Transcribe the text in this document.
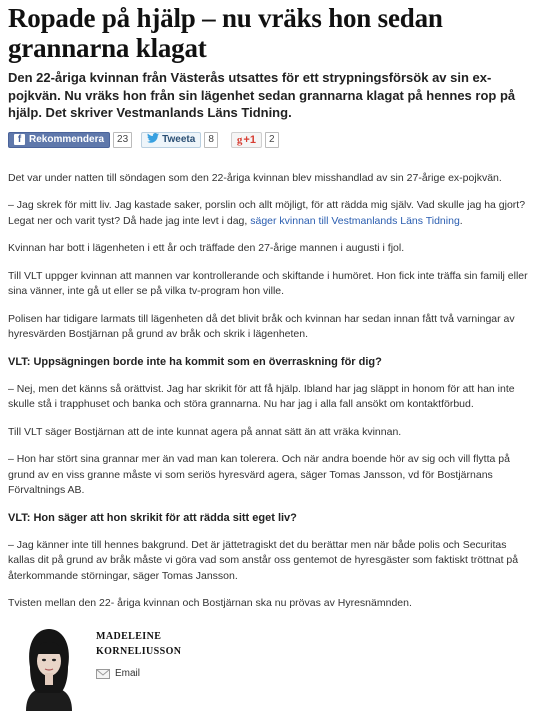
Ropade på hjälp – nu vräks hon sedan grannarna klagat
Den 22-åriga kvinnan från Västerås utsattes för ett strypningsförsök av sin ex-pojkvän. Nu vräks hon från sin lägenhet sedan grannarna klagat på hennes rop på hjälp. Det skriver Vestmanlands Läns Tidning.
f Rekommendera	23	Tweeta	8	g +1	2

Det var under natten till söndagen som den 22-åriga kvinnan blev misshandlad av sin 27-årige ex-pojkvän.

– Jag skrek för mitt liv. Jag kastade saker, porslin och allt möjligt, för att rädda mig själv. Vad skulle jag ha gjort? Legat ner och varit tyst? Då hade jag inte levt i dag, säger kvinnan till Vestmanlands Läns Tidning.

Kvinnan har bott i lägenheten i ett år och träffade den 27-årige mannen i augusti i fjol.

Till VLT uppger kvinnan att mannen var kontrollerande och skiftande i humöret. Hon fick inte träffa sin familj eller sina vänner, inte gå ut eller se på vilka tv-program hon ville.

Polisen har tidigare larmats till lägenheten då det blivit bråk och kvinnan har sedan innan fått två varningar av hyresvärden Bostjärnan på grund av bråk och skrik i lägenheten.

VLT: Uppsägningen borde inte ha kommit som en överraskning för dig?

– Nej, men det känns så orättvist. Jag har skrikit för att få hjälp. Ibland har jag släppt in honom för att han inte skulle stå i trapphuset och banka och störa grannarna. Nu har jag i alla fall ansökt om kontaktförbud.

Till VLT säger Bostjärnan att de inte kunnat agera på annat sätt än att vräka kvinnan.

– Hon har stört sina grannar mer än vad man kan tolerera. Och när andra boende hör av sig och vill flytta på grund av en viss granne måste vi som seriös hyresvärd agera, säger Tomas Jansson, vd för Bostjärnans Förvaltnings AB.

VLT: Hon säger att hon skrikit för att rädda sitt eget liv?

– Jag känner inte till hennes bakgrund. Det är jättetragiskt det du berättar men när både polis och Securitas kallas dit på grund av bråk måste vi göra vad som anstår oss gentemot de hyresgäster som faktiskt tröttnat på återkommande störningar, säger Tomas Jansson.

Tvisten mellan den 22- åriga kvinnan och Bostjärnan ska nu prövas av Hyresnämnden.

MADELEINE
KORNELIUSSON
Email
